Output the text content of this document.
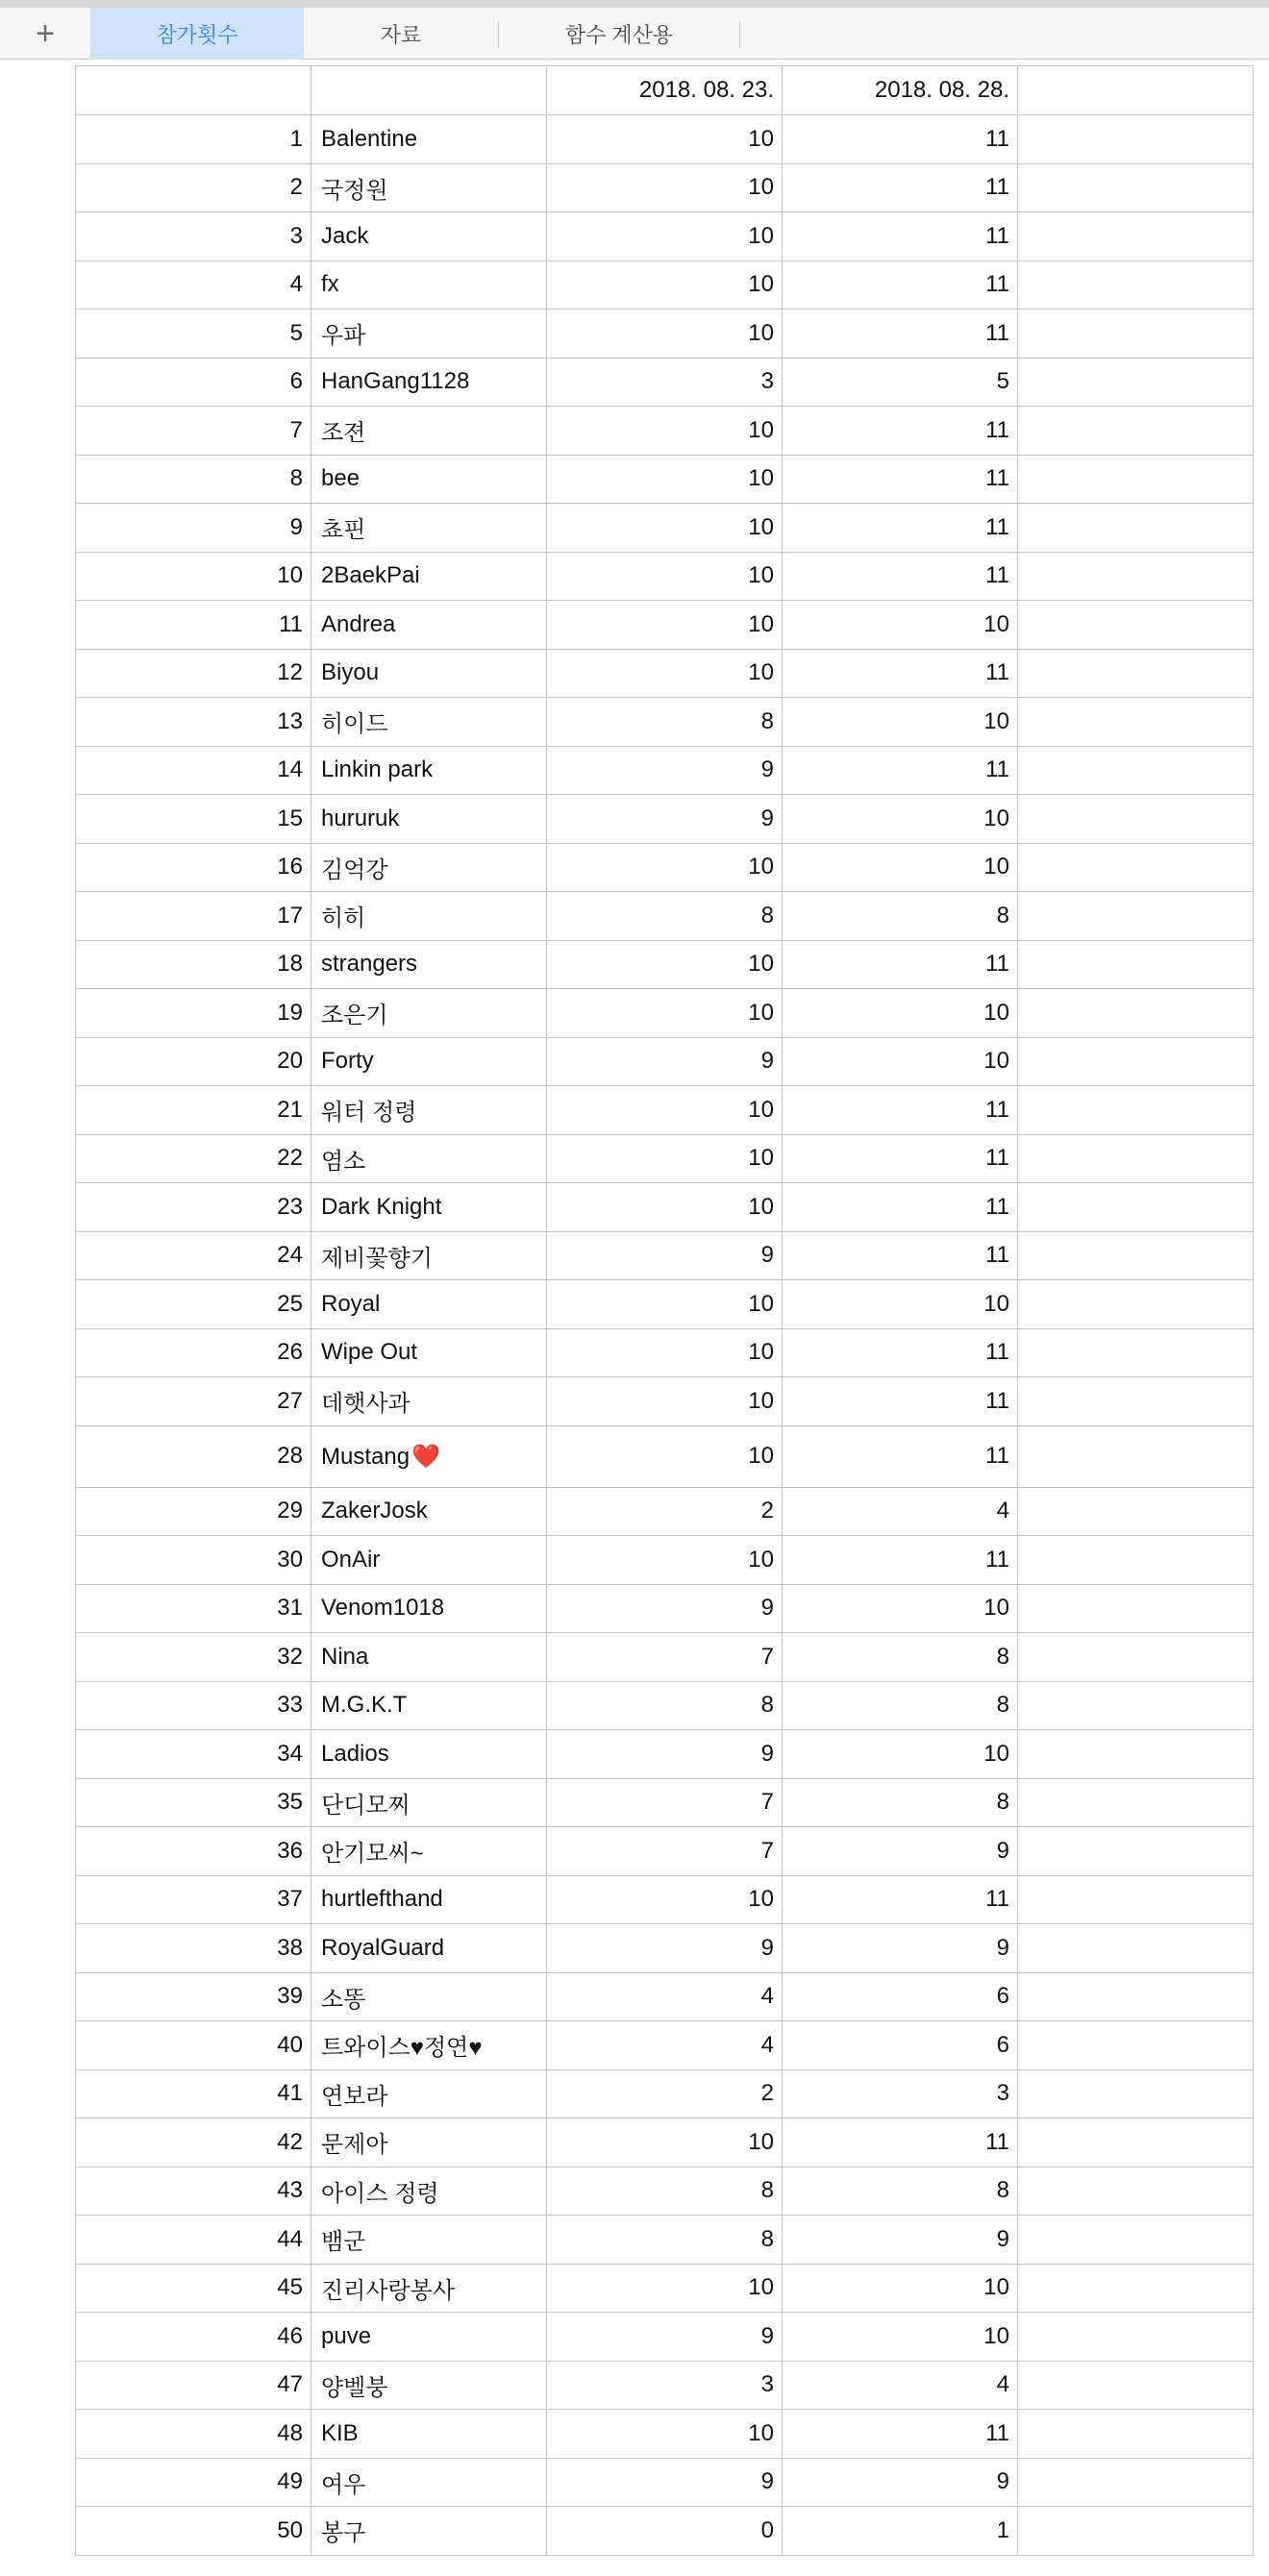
+	참가횟수	자료	함수 계산용
		2018. 08. 23.	2018. 08. 28.	
1	Balentine	10	11	
2	국정원	10	11	
3	Jack	10	11	
4	fx	10	11	
5	우파	10	11	
6	HanGang1128	3	5	
7	조젼	10	11	
8	bee	10	11	
9	쵸핀	10	11	
10	2BaekPai	10	11	
11	Andrea	10	10	
12	Biyou	10	11	
13	히이드	8	10	
14	Linkin park	9	11	
15	hururuk	9	10	
16	김억강	10	10	
17	히히	8	8	
18	strangers	10	11	
19	조은기	10	10	
20	Forty	9	10	
21	워터 정령	10	11	
22	염소	10	11	
23	Dark Knight	10	11	
24	제비꽃향기	9	11	
25	Royal	10	10	
26	Wipe Out	10	11	
27	데햇사과	10	11	
28	Mustang❤️	10	11	
29	ZakerJosk	2	4	
30	OnAir	10	11	
31	Venom1018	9	10	
32	Nina	7	8	
33	M.G.K.T	8	8	
34	Ladios	9	10	
35	단디모찌	7	8	
36	안기모씨~	7	9	
37	hurtlefthand	10	11	
38	RoyalGuard	9	9	
39	소똥	4	6	
40	트와이스♥정연♥	4	6	
41	연보라	2	3	
42	문제아	10	11	
43	아이스 정령	8	8	
44	뱀군	8	9	
45	진리사랑봉사	10	10	
46	puve	9	10	
47	양벨붕	3	4	
48	KIB	10	11	
49	여우	9	9	
50	봉구	0	1	
